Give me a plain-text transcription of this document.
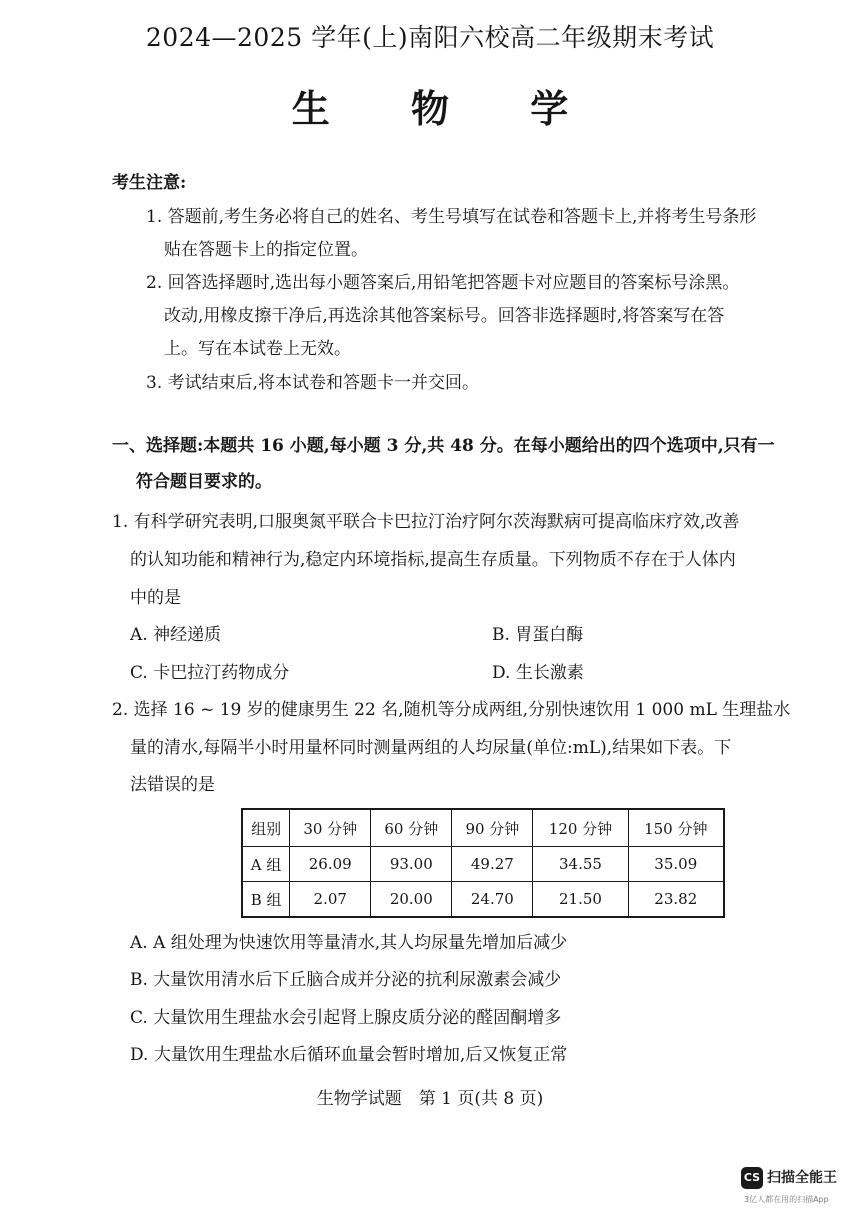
2024—2025 学年(上)南阳六校高二年级期末考试
生 物 学
考生注意:
1. 答题前,考生务必将自己的姓名、考生号填写在试卷和答题卡上,并将考生号条形
贴在答题卡上的指定位置。
2. 回答选择题时,选出每小题答案后,用铅笔把答题卡对应题目的答案标号涂黑。
改动,用橡皮擦干净后,再选涂其他答案标号。回答非选择题时,将答案写在答
上。写在本试卷上无效。
3. 考试结束后,将本试卷和答题卡一并交回。
一、选择题:本题共 16 小题,每小题 3 分,共 48 分。在每小题给出的四个选项中,只有一
符合题目要求的。
1. 有科学研究表明,口服奥氮平联合卡巴拉汀治疗阿尔茨海默病可提高临床疗效,改善
的认知功能和精神行为,稳定内环境指标,提高生存质量。下列物质不存在于人体内
中的是
A. 神经递质	B. 胃蛋白酶
C. 卡巴拉汀药物成分	D. 生长激素
2. 选择 16 ~ 19 岁的健康男生 22 名,随机等分成两组,分别快速饮用 1 000 mL 生理盐水
量的清水,每隔半小时用量杯同时测量两组的人均尿量(单位:mL),结果如下表。下
法错误的是
组别	30 分钟	60 分钟	90 分钟	120 分钟	150 分钟
A 组	26.09	93.00	49.27	34.55	35.09
B 组	2.07	20.00	24.70	21.50	23.82
A. A 组处理为快速饮用等量清水,其人均尿量先增加后减少
B. 大量饮用清水后下丘脑合成并分泌的抗利尿激素会减少
C. 大量饮用生理盐水会引起肾上腺皮质分泌的醛固酮增多
D. 大量饮用生理盐水后循环血量会暂时增加,后又恢复正常
生物学试题　第 1 页(共 8 页)
CS 扫描全能王
3亿人都在用的扫描App
